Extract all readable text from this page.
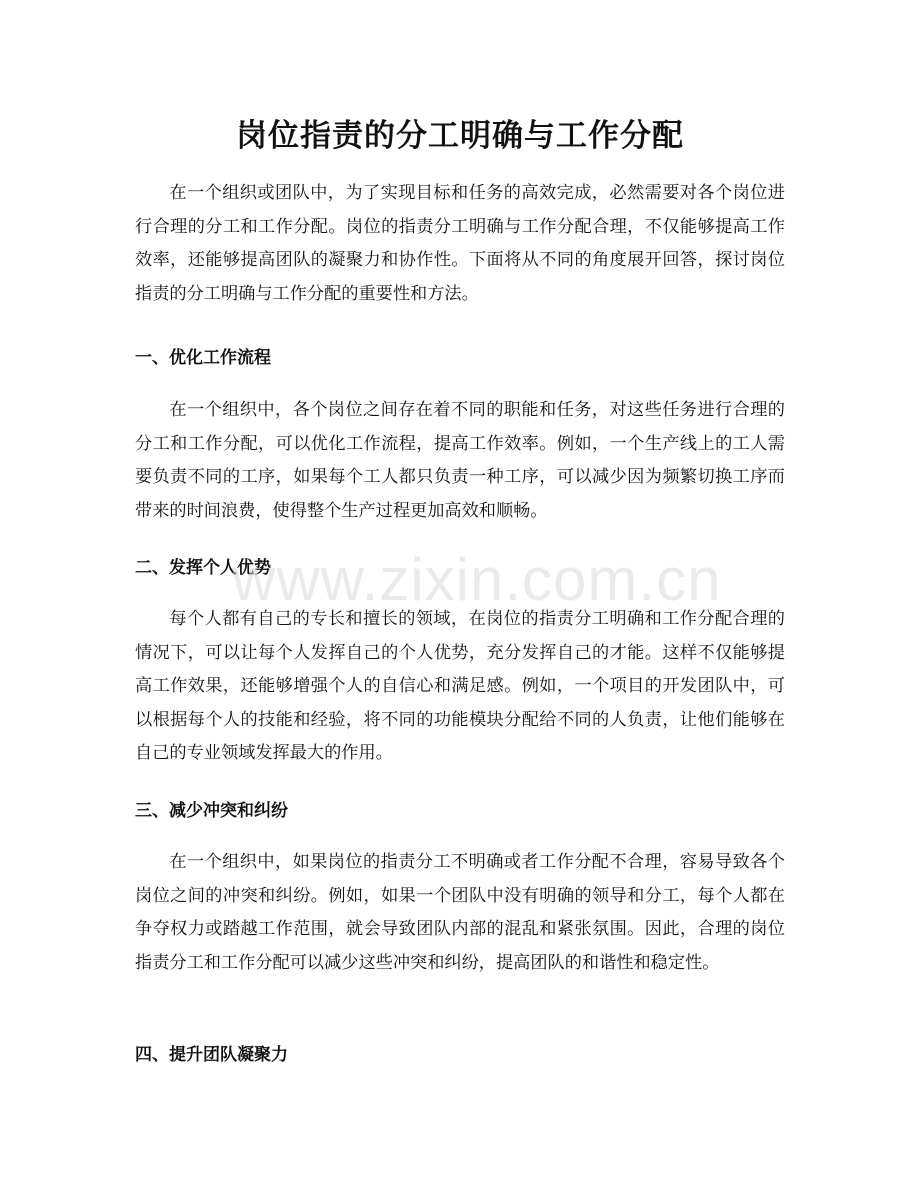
岗位指责的分工明确与工作分配

在一个组织或团队中，为了实现目标和任务的高效完成，必然需要对各个岗位进行合理的分工和工作分配。岗位的指责分工明确与工作分配合理，不仅能够提高工作效率，还能够提高团队的凝聚力和协作性。下面将从不同的角度展开回答，探讨岗位指责的分工明确与工作分配的重要性和方法。

一、优化工作流程

在一个组织中，各个岗位之间存在着不同的职能和任务，对这些任务进行合理的分工和工作分配，可以优化工作流程，提高工作效率。例如，一个生产线上的工人需要负责不同的工序，如果每个工人都只负责一种工序，可以减少因为频繁切换工序而带来的时间浪费，使得整个生产过程更加高效和顺畅。

二、发挥个人优势

每个人都有自己的专长和擅长的领域，在岗位的指责分工明确和工作分配合理的情况下，可以让每个人发挥自己的个人优势，充分发挥自己的才能。这样不仅能够提高工作效果，还能够增强个人的自信心和满足感。例如，一个项目的开发团队中，可以根据每个人的技能和经验，将不同的功能模块分配给不同的人负责，让他们能够在自己的专业领域发挥最大的作用。

三、减少冲突和纠纷

在一个组织中，如果岗位的指责分工不明确或者工作分配不合理，容易导致各个岗位之间的冲突和纠纷。例如，如果一个团队中没有明确的领导和分工，每个人都在争夺权力或踏越工作范围，就会导致团队内部的混乱和紧张氛围。因此，合理的岗位指责分工和工作分配可以减少这些冲突和纠纷，提高团队的和谐性和稳定性。

四、提升团队凝聚力
www.zixin.com.cn
